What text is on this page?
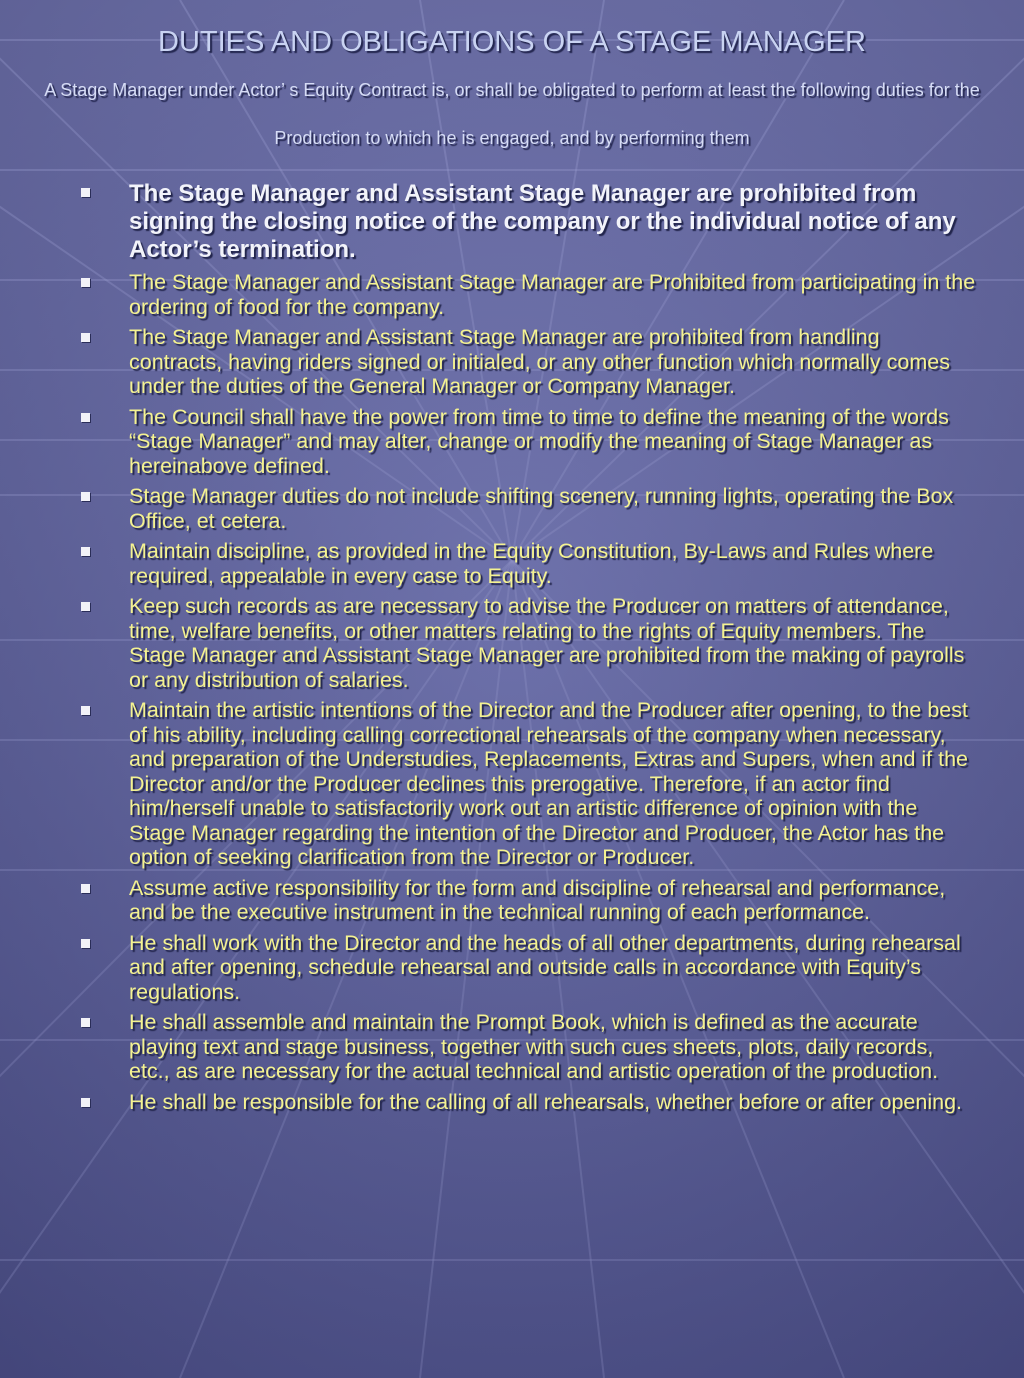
DUTIES AND OBLIGATIONS OF A STAGE MANAGER

A Stage Manager under Actor’ s Equity Contract is, or shall be obligated to perform at least the following duties for the Production to which he is engaged, and by performing them

The Stage Manager and Assistant Stage Manager are prohibited from signing the closing notice of the company or the individual notice of any Actor’s termination.
The Stage Manager and Assistant Stage Manager are Prohibited from participating in the ordering of food for the company.
The Stage Manager and Assistant Stage Manager are prohibited from handling contracts, having riders signed or initialed, or any other function which normally comes under the duties of the General Manager or Company Manager.
The Council shall have the power from time to time to define the meaning of the words “Stage Manager” and may alter, change or modify the meaning of Stage Manager as hereinabove defined.
Stage Manager duties do not include shifting scenery, running lights, operating the Box Office, et cetera.
Maintain discipline, as provided in the Equity Constitution, By-Laws and Rules where required, appealable in every case to Equity.
Keep such records as are necessary to advise the Producer on matters of attendance, time, welfare benefits, or other matters relating to the rights of Equity members. The Stage Manager and Assistant Stage Manager are prohibited from the making of payrolls or any distribution of salaries.
Maintain the artistic intentions of the Director and the Producer after opening, to the best of his ability, including calling correctional rehearsals of the company when necessary, and preparation of the Understudies, Replacements, Extras and Supers, when and if the Director and/or the Producer declines this prerogative. Therefore, if an actor find him/herself unable to satisfactorily work out an artistic difference of opinion with the Stage Manager regarding the intention of the Director and Producer, the Actor has the option of seeking clarification from the Director or Producer.
Assume active responsibility for the form and discipline of rehearsal and performance, and be the executive instrument in the technical running of each performance.
He shall work with the Director and the heads of all other departments, during rehearsal and after opening, schedule rehearsal and outside calls in accordance with Equity’s regulations.
He shall assemble and maintain the Prompt Book, which is defined as the accurate playing text and stage business, together with such cues sheets, plots, daily records, etc., as are necessary for the actual technical and artistic operation of the production.
He shall be responsible for the calling of all rehearsals, whether before or after opening.
